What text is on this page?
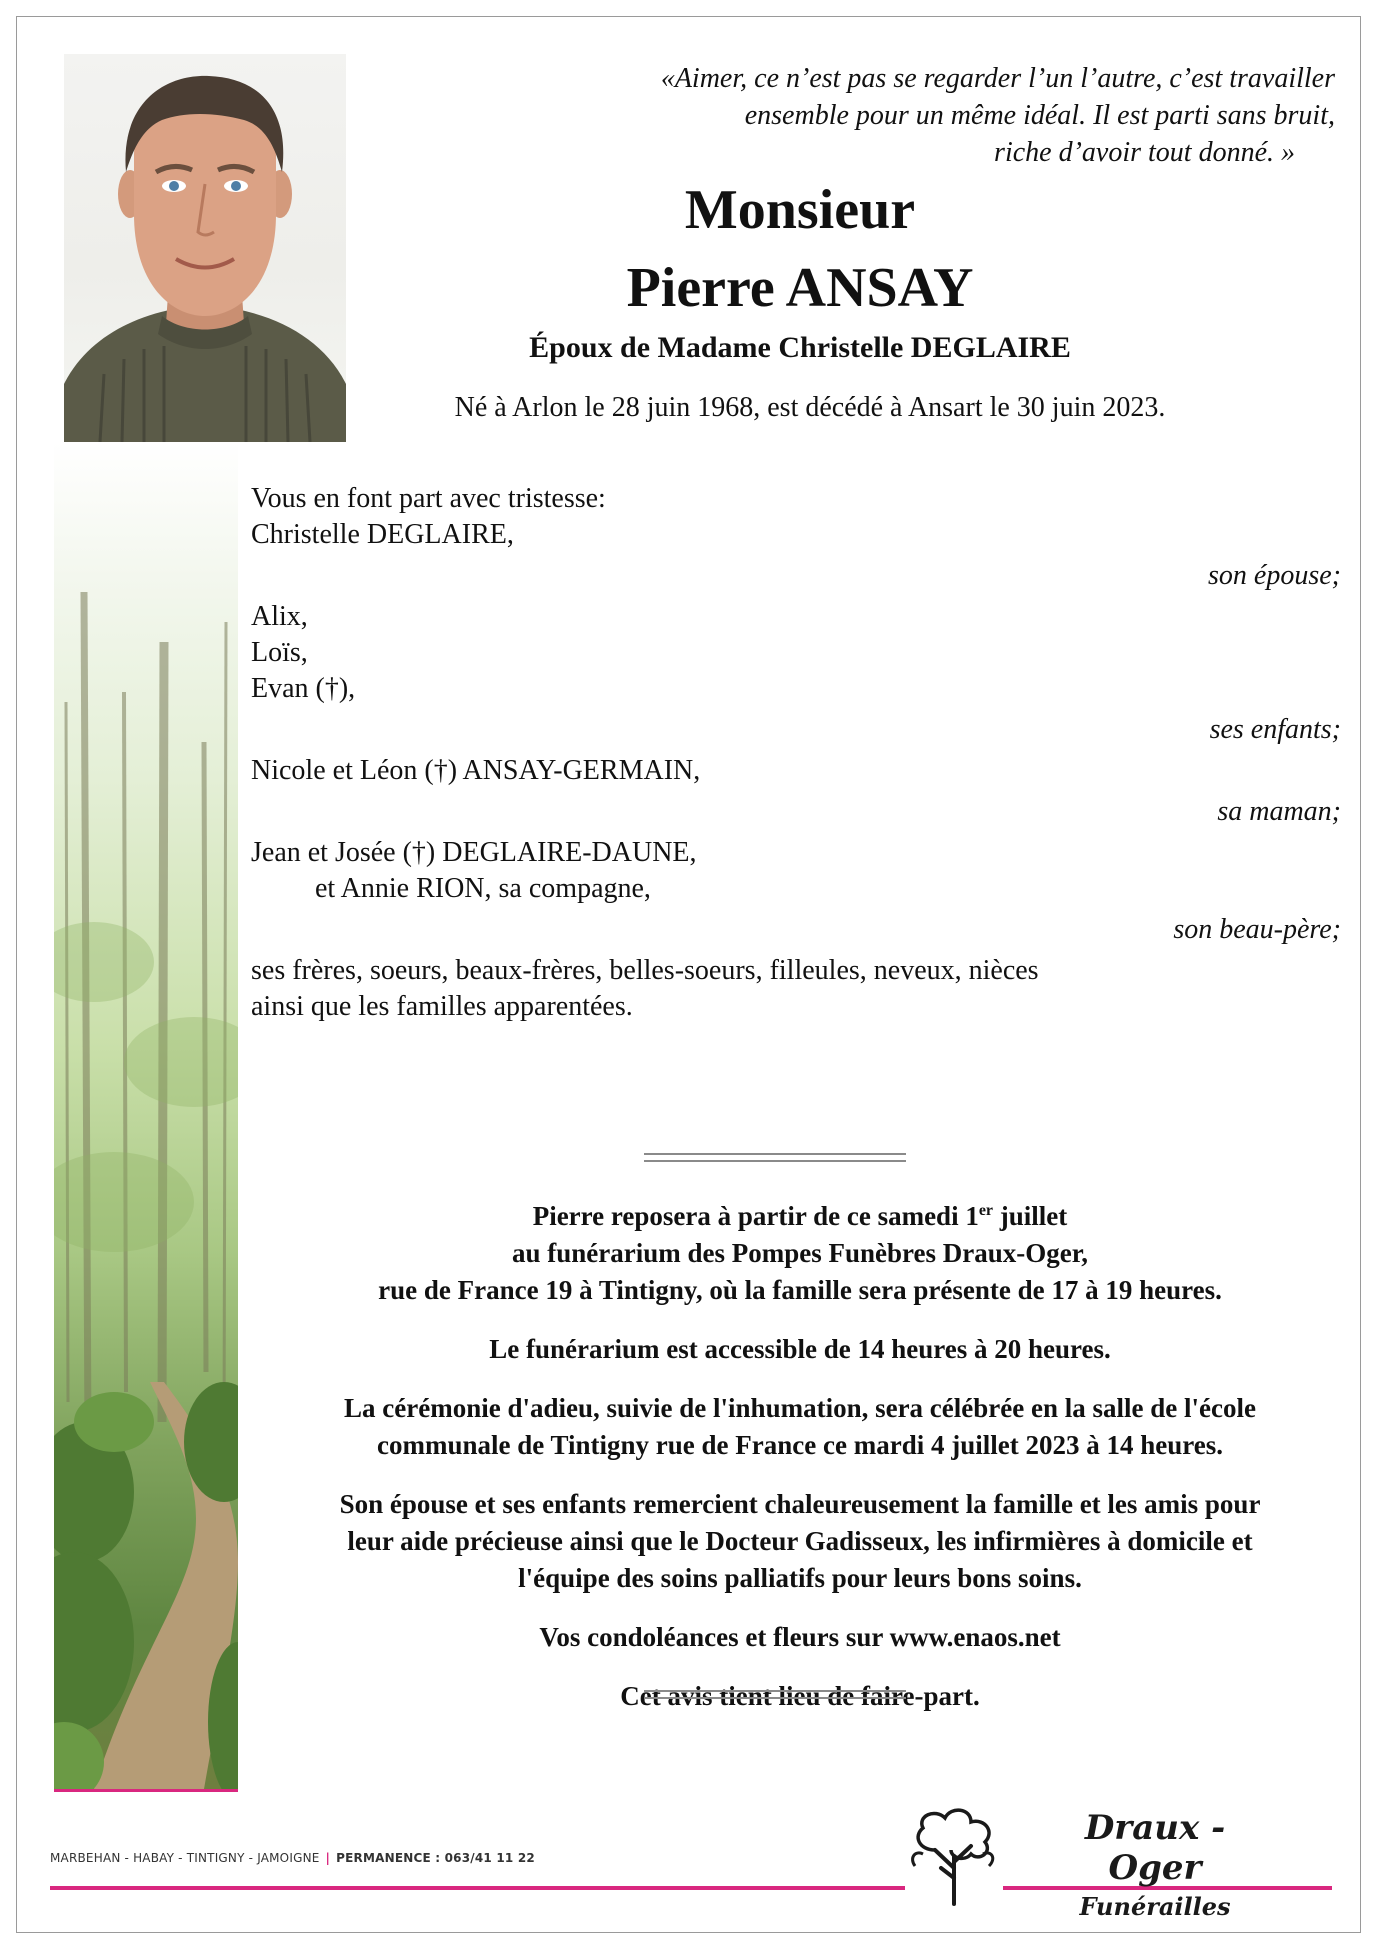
«Aimer, ce n’est pas se regarder l’un l’autre, c’est travailler
ensemble pour un même idéal. Il est parti sans bruit,
riche d’avoir tout donné. »
Monsieur
Pierre ANSAY
Époux de Madame Christelle DEGLAIRE
Né à Arlon le 28 juin 1968, est décédé à Ansart le 30 juin 2023.
Vous en font part avec tristesse:
Christelle DEGLAIRE,
son épouse;
Alix,
Loïs,
Evan (†),
ses enfants;
Nicole et Léon (†) ANSAY-GERMAIN,
sa maman;
Jean et Josée (†) DEGLAIRE-DAUNE,
et Annie RION, sa compagne,
son beau-père;
ses frères, soeurs, beaux-frères, belles-soeurs, filleules, neveux, nièces
ainsi que les familles apparentées.

Pierre reposera à partir de ce samedi 1er juillet
au funérarium des Pompes Funèbres Draux-Oger,
rue de France 19 à Tintigny, où la famille sera présente de 17 à 19 heures.

Le funérarium est accessible de 14 heures à 20 heures.

La cérémonie d'adieu, suivie de l'inhumation, sera célébrée en la salle de l'école
communale de Tintigny rue de France ce mardi 4 juillet 2023 à 14 heures.

Son épouse et ses enfants remercient chaleureusement la famille et les amis pour
leur aide précieuse ainsi que le Docteur Gadisseux, les infirmières à domicile et
l'équipe des soins palliatifs pour leurs bons soins.

Vos condoléances et fleurs sur www.enaos.net

Cet avis tient lieu de faire-part.

MARBEHAN - HABAY - TINTIGNY - JAMOIGNE | PERMANENCE : 063/41 11 22
Draux - Oger
Funérailles
